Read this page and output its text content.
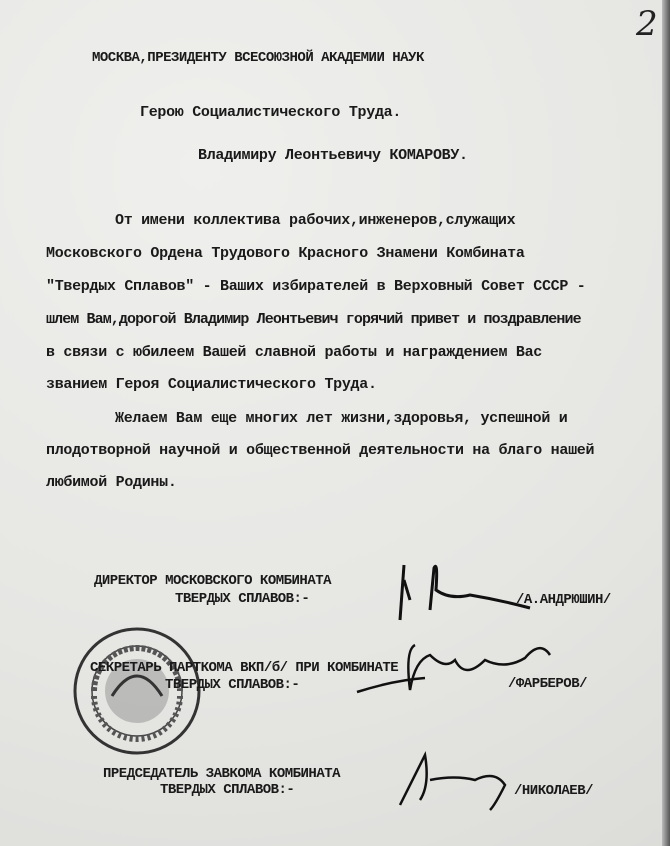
2
МОСКВА,ПРЕЗИДЕНТУ ВСЕСОЮЗНОЙ АКАДЕМИИ НАУК
Герою Социалистического Труда.
Владимиру Леонтьевичу КОМАРОВУ.
От имени коллектива рабочих,инженеров,служащих
Московского Ордена Трудового Красного Знамени Комбината
"Твердых Сплавов" - Ваших избирателей в Верховный Совет СССР -
шлем Вам,дорогой Владимир Леонтьевич горячий привет и поздравление
в связи с юбилеем Вашей славной работы и награждением Вас
званием Героя Социалистического Труда.
Желаем Вам еще многих лет жизни,здоровья, успешной и
плодотворной научной и общественной деятельности на благо нашей
любимой Родины.
ДИРЕКТОР МОСКОВСКОГО КОМБИНАТА
ТВЕРДЫХ СПЛАВОВ:-	/А.АНДРЮШИН/
СЕКРЕТАРЬ ПАРТКОМА ВКП/б/ ПРИ КОМБИНАТЕ
ТВЕРДЫХ СПЛАВОВ:-	/ФАРБЕРОВ/
ПРЕДСЕДАТЕЛЬ ЗАВКОМА КОМБИНАТА
ТВЕРДЫХ СПЛАВОВ:-	/НИКОЛАЕВ/
